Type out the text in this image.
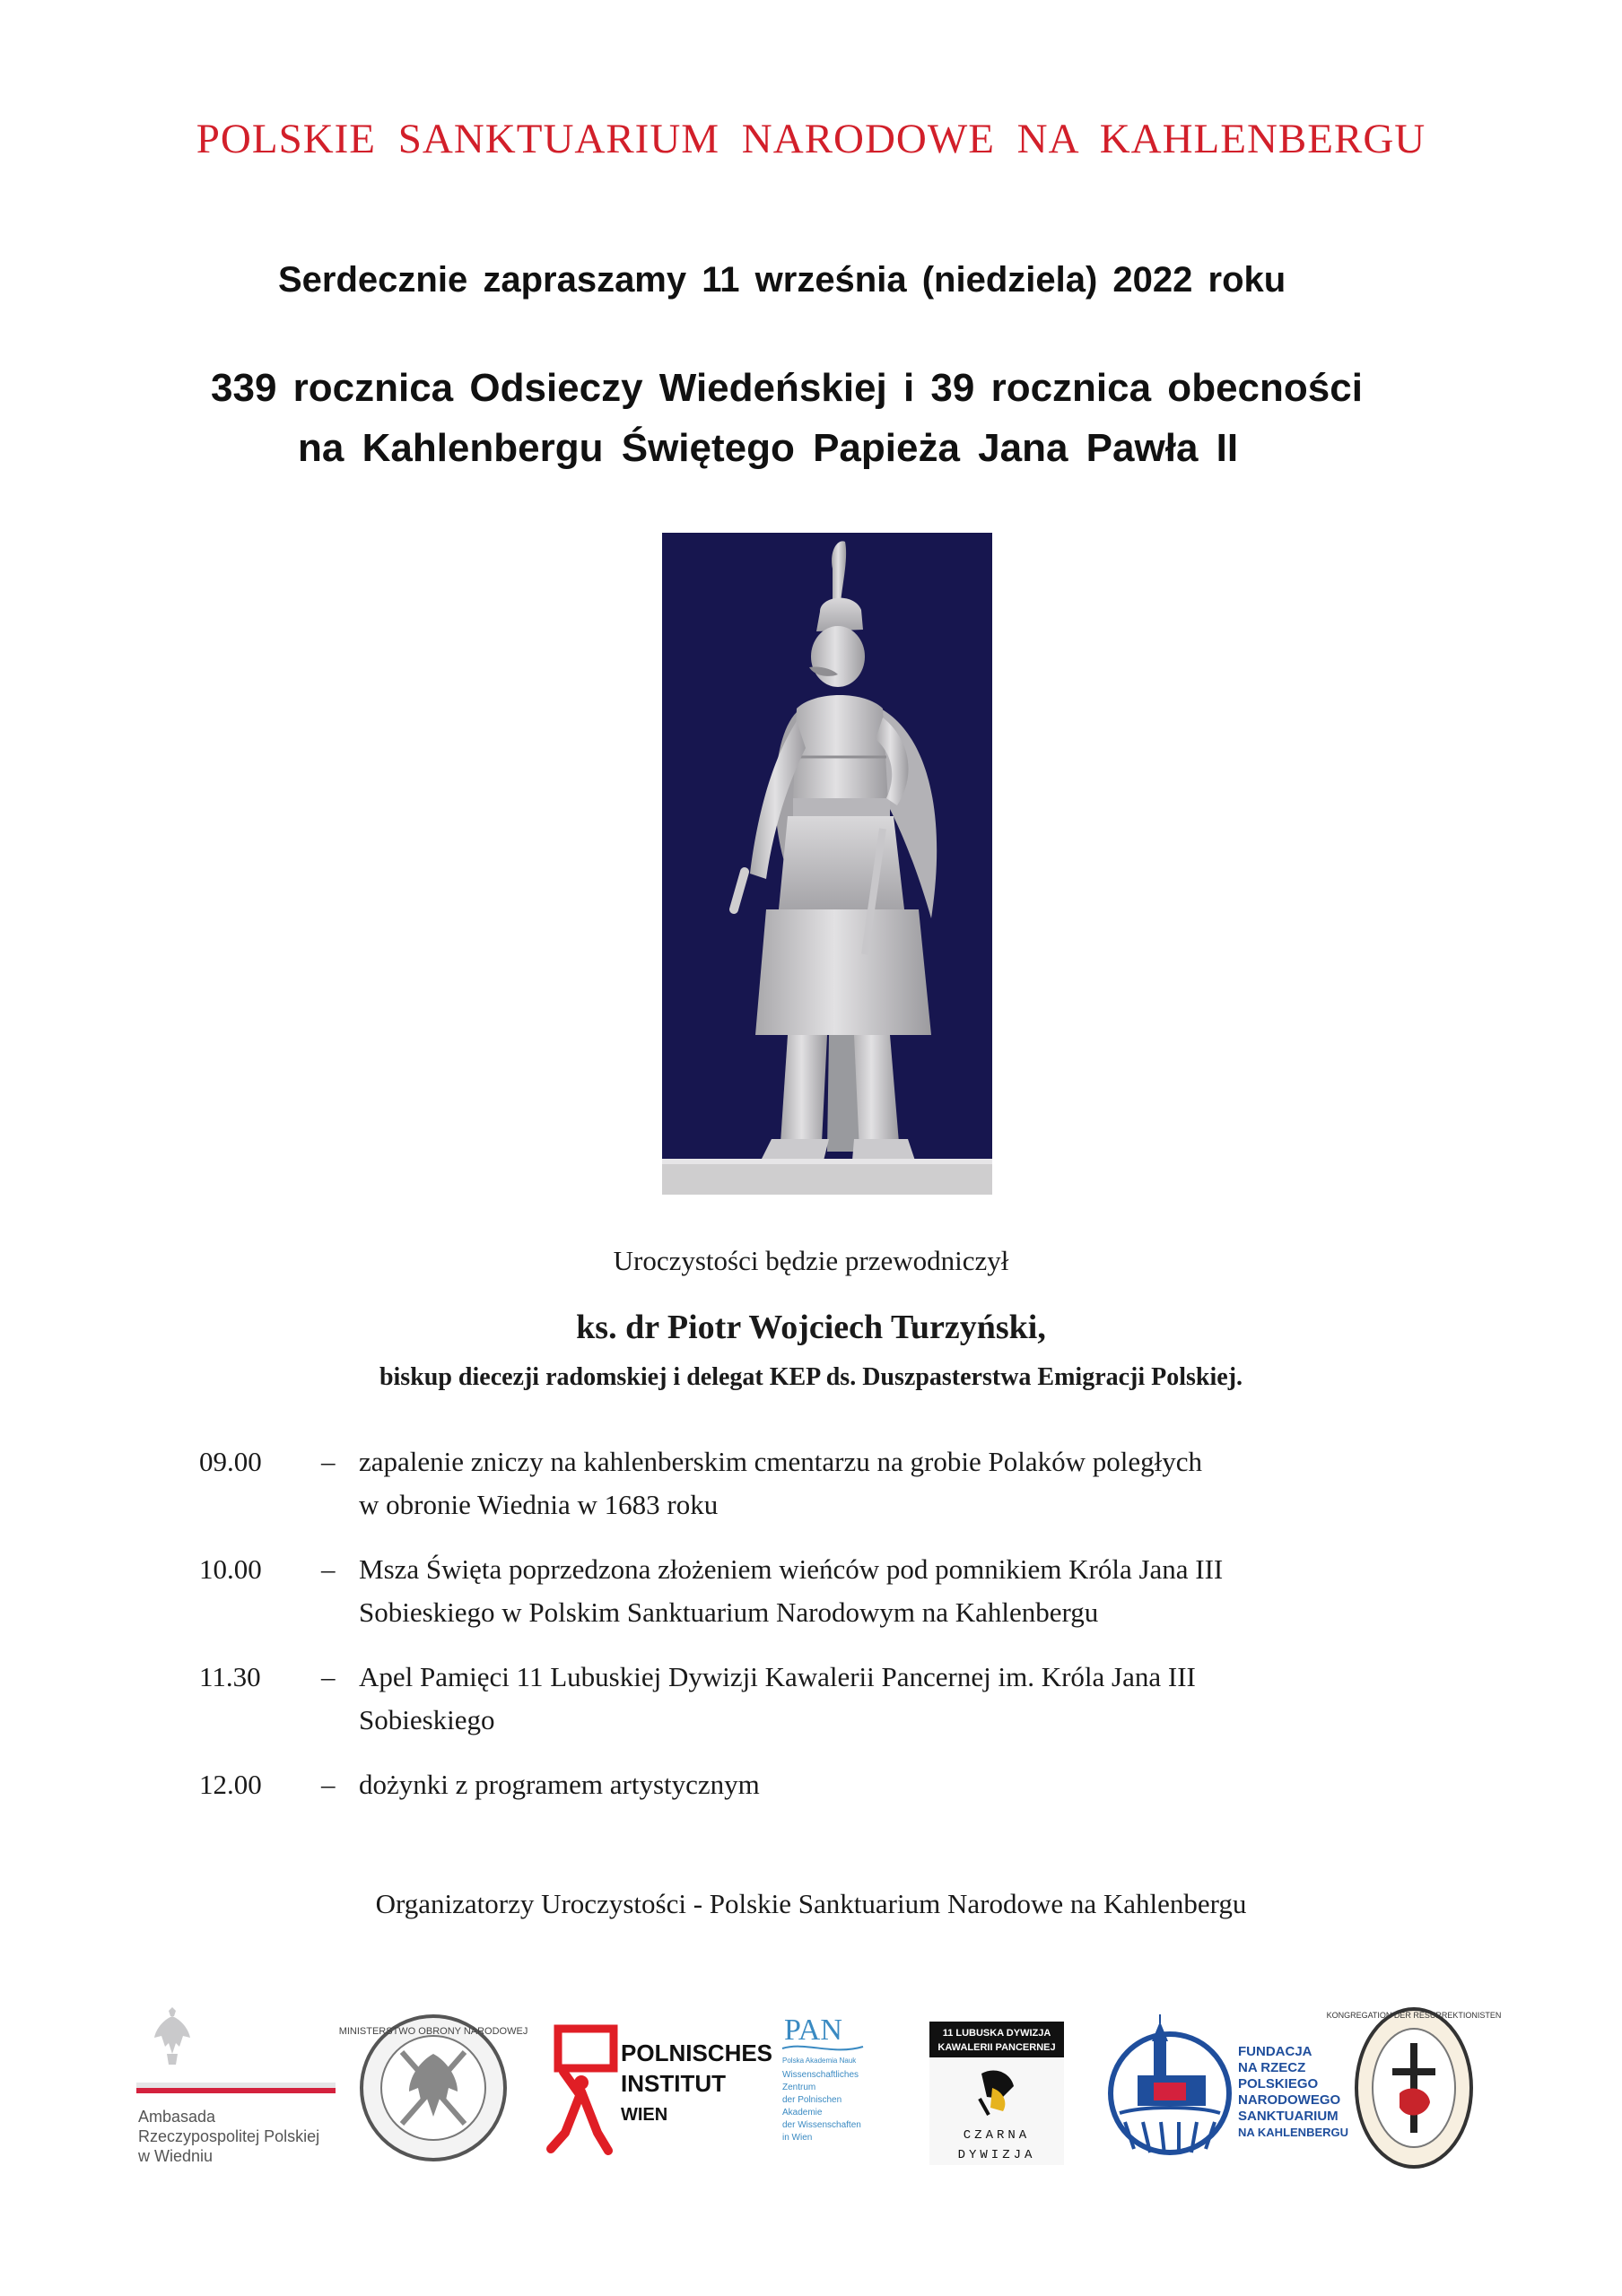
POLSKIE SANKTUARIUM NARODOWE NA KAHLENBERGU
Serdecznie zapraszamy 11 września (niedziela) 2022 roku
339 rocznica Odsieczy Wiedeńskiej i 39 rocznica obecności
na Kahlenbergu Świętego Papieża Jana Pawła II
Uroczystości będzie przewodniczył
ks. dr Piotr Wojciech Turzyński,
biskup diecezji radomskiej i delegat KEP ds. Duszpasterstwa Emigracji Polskiej.
09.00	– zapalenie zniczy na kahlenberskim cmentarzu na grobie Polaków poległych
w obronie Wiednia w 1683 roku
10.00	– Msza Święta poprzedzona złożeniem wieńców pod pomnikiem Króla Jana III
Sobieskiego w Polskim Sanktuarium Narodowym na Kahlenbergu
11.30	– Apel Pamięci 11 Lubuskiej Dywizji Kawalerii Pancernej im. Króla Jana III
Sobieskiego
12.00	– dożynki z programem artystycznym
Organizatorzy Uroczystości - Polskie Sanktuarium Narodowe na Kahlenbergu
Ambasada
Rzeczypospolitej Polskiej
w Wiedniu
MINISTERSTWO OBRONY NARODOWEJ
POLNISCHES
INSTITUT
WIEN
PAN
Polska Akademia Nauk
Wissenschaftliches
Zentrum
der Polnischen
Akademie
der Wissenschaften
in Wien
11 LUBUSKA DYWIZJA
KAWALERII PANCERNEJ
CZARNA
DYWIZJA
FUNDACJA
NA RZECZ
POLSKIEGO
NARODOWEGO
SANKTUARIUM
NA KAHLENBERGU
KONGREGATION DER RESURREKTIONISTEN
